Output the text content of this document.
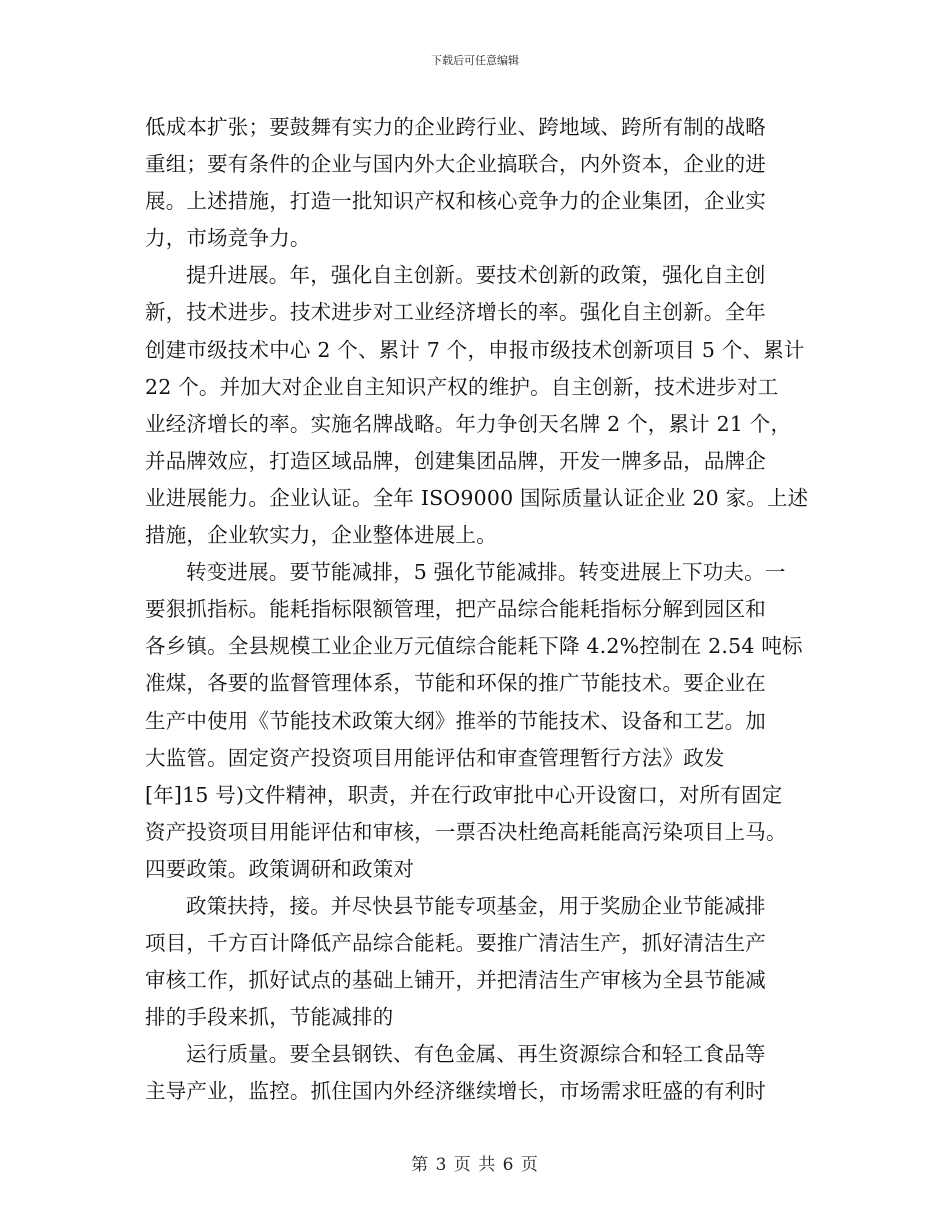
下载后可任意编辑
低成本扩张；要鼓舞有实力的企业跨行业、跨地域、跨所有制的战略
重组；要有条件的企业与国内外大企业搞联合，内外资本，企业的进
展。上述措施，打造一批知识产权和核心竞争力的企业集团，企业实
力，市场竞争力。
提升进展。年，强化自主创新。要技术创新的政策，强化自主创
新，技术进步。技术进步对工业经济增长的率。强化自主创新。全年
创建市级技术中心 2 个、累计 7 个，申报市级技术创新项目 5 个、累计
22 个。并加大对企业自主知识产权的维护。自主创新，技术进步对工
业经济增长的率。实施名牌战略。年力争创天名牌 2 个，累计 21 个，
并品牌效应，打造区域品牌，创建集团品牌，开发一牌多品，品牌企
业进展能力。企业认证。全年 ISO9000 国际质量认证企业 20 家。上述
措施，企业软实力，企业整体进展上。
转变进展。要节能减排，5 强化节能减排。转变进展上下功夫。一
要狠抓指标。能耗指标限额管理，把产品综合能耗指标分解到园区和
各乡镇。全县规模工业企业万元值综合能耗下降 4.2%控制在 2.54 吨标
准煤，各要的监督管理体系，节能和环保的推广节能技术。要企业在
生产中使用《节能技术政策大纲》推举的节能技术、设备和工艺。加
大监管。固定资产投资项目用能评估和审查管理暂行方法》政发
[年]15 号)文件精神，职责，并在行政审批中心开设窗口，对所有固定
资产投资项目用能评估和审核，一票否决杜绝高耗能高污染项目上马。
四要政策。政策调研和政策对
政策扶持，接。并尽快县节能专项基金，用于奖励企业节能减排
项目，千方百计降低产品综合能耗。要推广清洁生产，抓好清洁生产
审核工作，抓好试点的基础上铺开，并把清洁生产审核为全县节能减
排的手段来抓，节能减排的
运行质量。要全县钢铁、有色金属、再生资源综合和轻工食品等
主导产业，监控。抓住国内外经济继续增长，市场需求旺盛的有利时
第 3 页 共 6 页
